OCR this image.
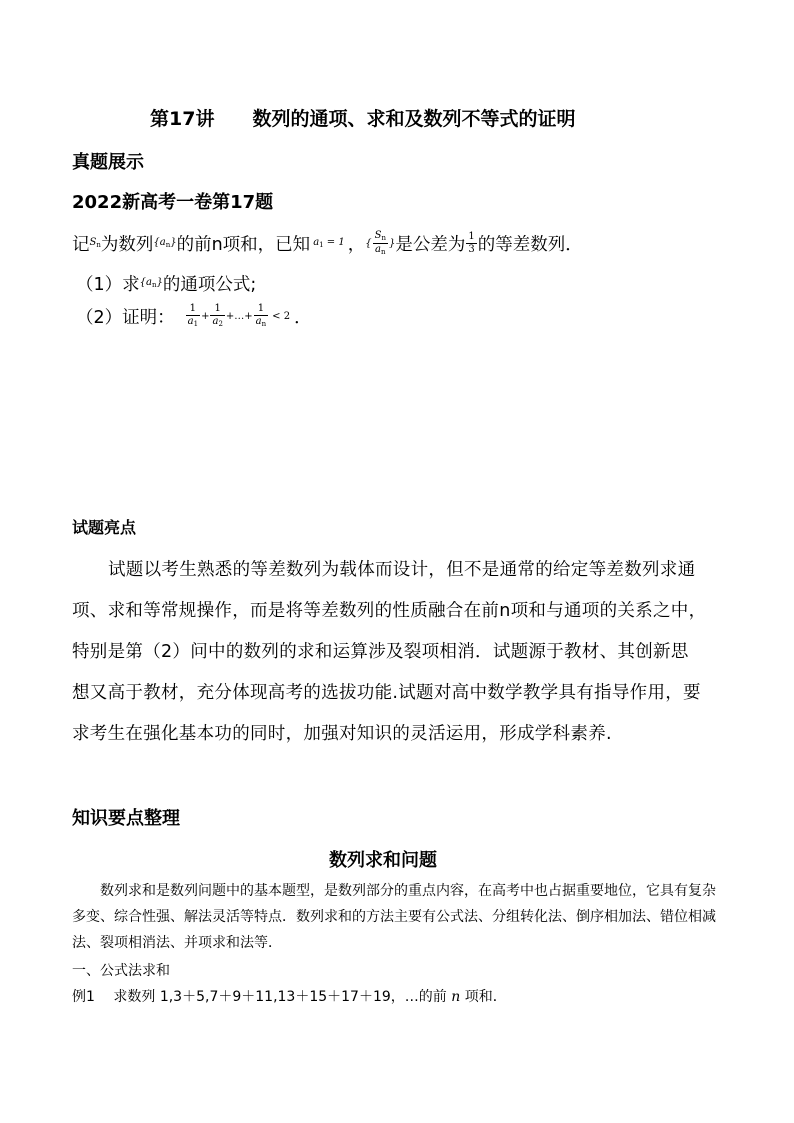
第17讲　　数列的通项、求和及数列不等式的证明
真题展示
2022新高考一卷第17题
记 $S_n$ 为数列 $\{a_n\}$ 的前n项和，已知 $a_1 = 1$ ， { $\frac{S_n}{a_n}$ } 是公差为 $\frac{1}{3}$ 的等差数列．
（1） 求 $\{a_n\}$ 的通项公式;
（2） 证明： $\frac{1}{a_1} + \frac{1}{a_2}$ +…+ $\frac{1}{a_n} < 2$ ．
试题亮点
试题以考生熟悉的等差数列为载体而设计，但不是通常的给定等差数列求通
项、求和等常规操作，而是将等差数列的性质融合在前n项和与通项的关系之中，
特别是第（2）问中的数列的求和运算涉及裂项相消．试题源于教材、其创新思
想又高于教材，充分体现高考的选拔功能.试题对高中数学教学具有指导作用，要
求考生在强化基本功的同时，加强对知识的灵活运用，形成学科素养.
知识要点整理
数列求和问题
数列求和是数列问题中的基本题型，是数列部分的重点内容，在高考中也占据重要地位，它具有复杂
多变、综合性强、解法灵活等特点．数列求和的方法主要有公式法、分组转化法、倒序相加法、错位相减
法、裂项相消法、并项求和法等．
一、公式法求和
例1 求数列 1,3＋5,7＋9＋11,13＋15＋17＋19，…的前 n 项和．
